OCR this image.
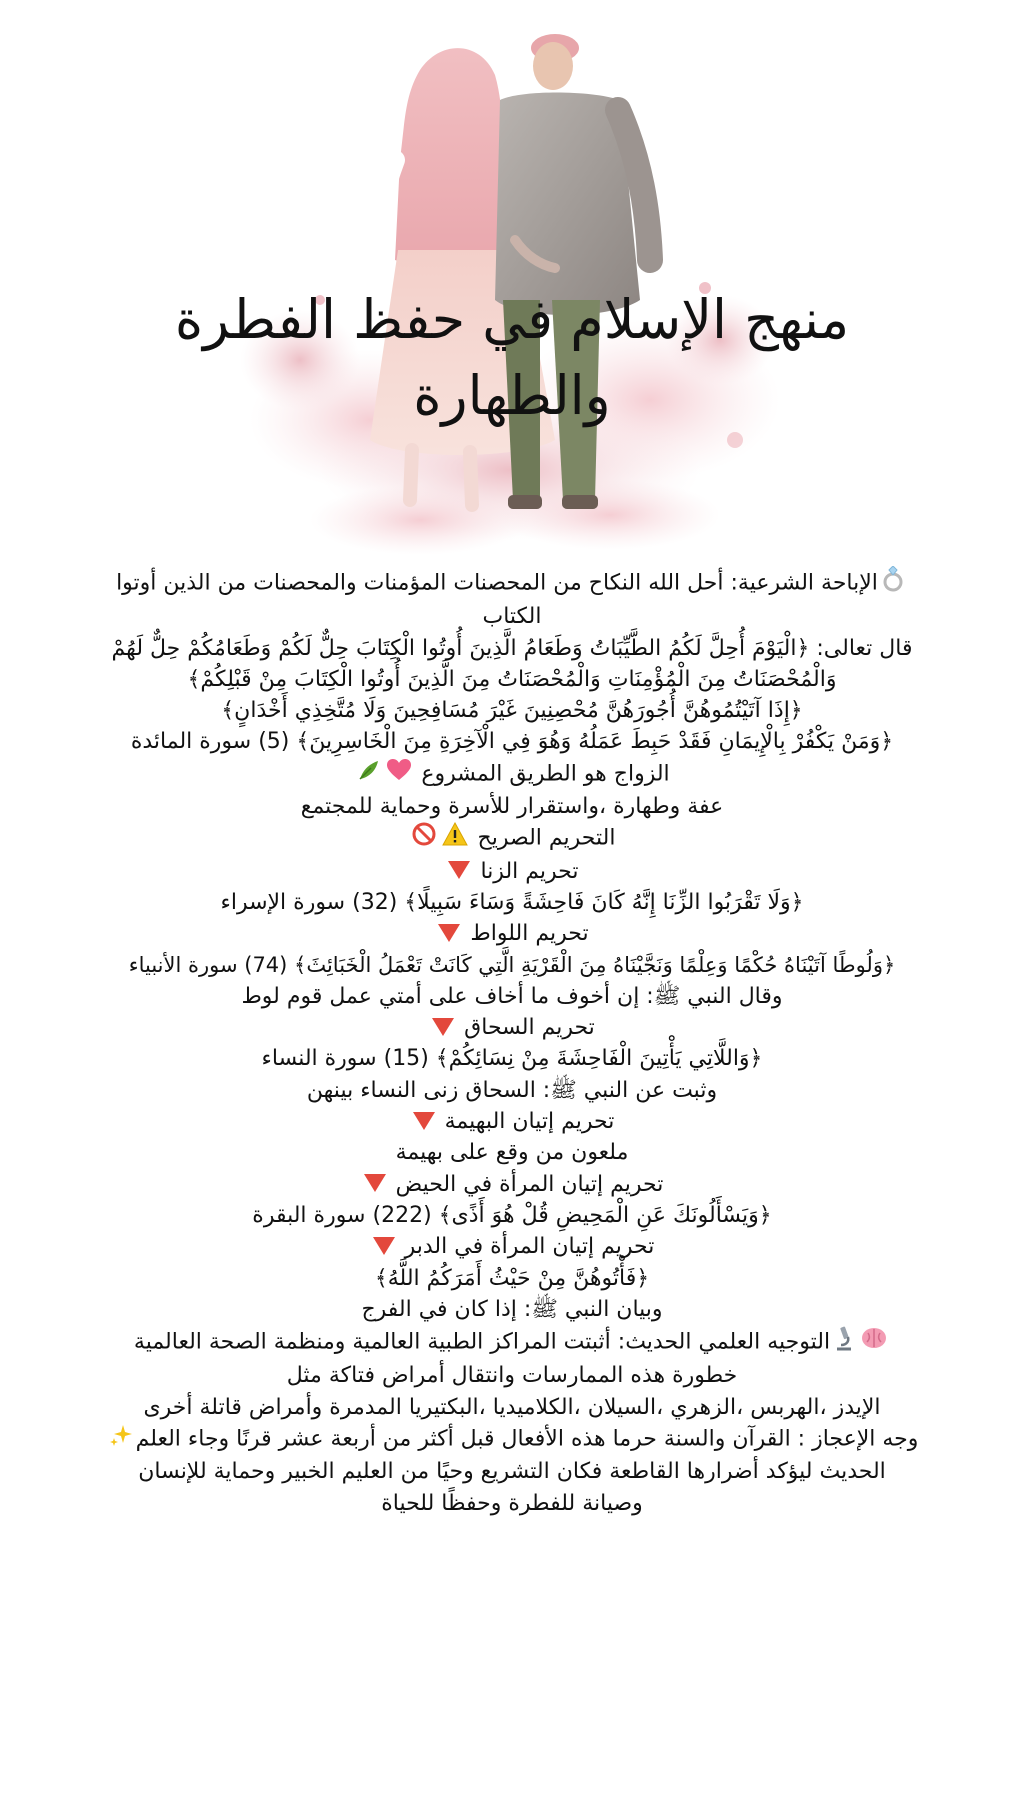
منهج الإسلام في حفظ الفطرة
والطهارة
الإباحة الشرعية: أحل الله النكاح من المحصنات المؤمنات والمحصنات من الذين أوتوا
الكتاب
قال تعالى: ﴿الْيَوْمَ أُحِلَّ لَكُمُ الطَّيِّبَاتُ وَطَعَامُ الَّذِينَ أُوتُوا الْكِتَابَ حِلٌّ لَكُمْ وَطَعَامُكُمْ حِلٌّ لَهُمْ
وَالْمُحْصَنَاتُ مِنَ الْمُؤْمِنَاتِ وَالْمُحْصَنَاتُ مِنَ الَّذِينَ أُوتُوا الْكِتَابَ مِنْ قَبْلِكُمْ﴾
﴿إِذَا آتَيْتُمُوهُنَّ أُجُورَهُنَّ مُحْصِنِينَ غَيْرَ مُسَافِحِينَ وَلَا مُتَّخِذِي أَخْدَانٍ﴾
﴿وَمَنْ يَكْفُرْ بِالْإِيمَانِ فَقَدْ حَبِطَ عَمَلُهُ وَهُوَ فِي الْآخِرَةِ مِنَ الْخَاسِرِينَ﴾ (5) سورة المائدة
الزواج هو الطريق المشروع
عفة وطهارة ،واستقرار للأسرة وحماية للمجتمع
التحريم الصريح
تحريم الزنا
﴿وَلَا تَقْرَبُوا الزِّنَا إِنَّهُ كَانَ فَاحِشَةً وَسَاءَ سَبِيلًا﴾ (32) سورة الإسراء
تحريم اللواط
﴿وَلُوطًا آتَيْنَاهُ حُكْمًا وَعِلْمًا وَنَجَّيْنَاهُ مِنَ الْقَرْيَةِ الَّتِي كَانَتْ تَعْمَلُ الْخَبَائِثَ﴾ (74) سورة الأنبياء
وقال النبي ﷺ: إن أخوف ما أخاف على أمتي عمل قوم لوط
تحريم السحاق
﴿وَاللَّاتِي يَأْتِينَ الْفَاحِشَةَ مِنْ نِسَائِكُمْ﴾ (15) سورة النساء
وثبت عن النبي ﷺ: السحاق زنى النساء بينهن
تحريم إتيان البهيمة
ملعون من وقع على بهيمة
تحريم إتيان المرأة في الحيض
﴿وَيَسْأَلُونَكَ عَنِ الْمَحِيضِ قُلْ هُوَ أَذًى﴾ (222) سورة البقرة
تحريم إتيان المرأة في الدبر
﴿فَأْتُوهُنَّ مِنْ حَيْثُ أَمَرَكُمُ اللَّهُ﴾
وبيان النبي ﷺ: إذا كان في الفرج
التوجيه العلمي الحديث: أثبتت المراكز الطبية العالمية ومنظمة الصحة العالمية
خطورة هذه الممارسات وانتقال أمراض فتاكة مثل
الإيدز ،الهربس ،الزهري ،السيلان ،الكلاميديا ،البكتيريا المدمرة وأمراض قاتلة أخرى
وجه الإعجاز : القرآن والسنة حرما هذه الأفعال قبل أكثر من أربعة عشر قرنًا وجاء العلم
الحديث ليؤكد أضرارها القاطعة فكان التشريع وحيًا من العليم الخبير وحماية للإنسان
وصيانة للفطرة وحفظًا للحياة
